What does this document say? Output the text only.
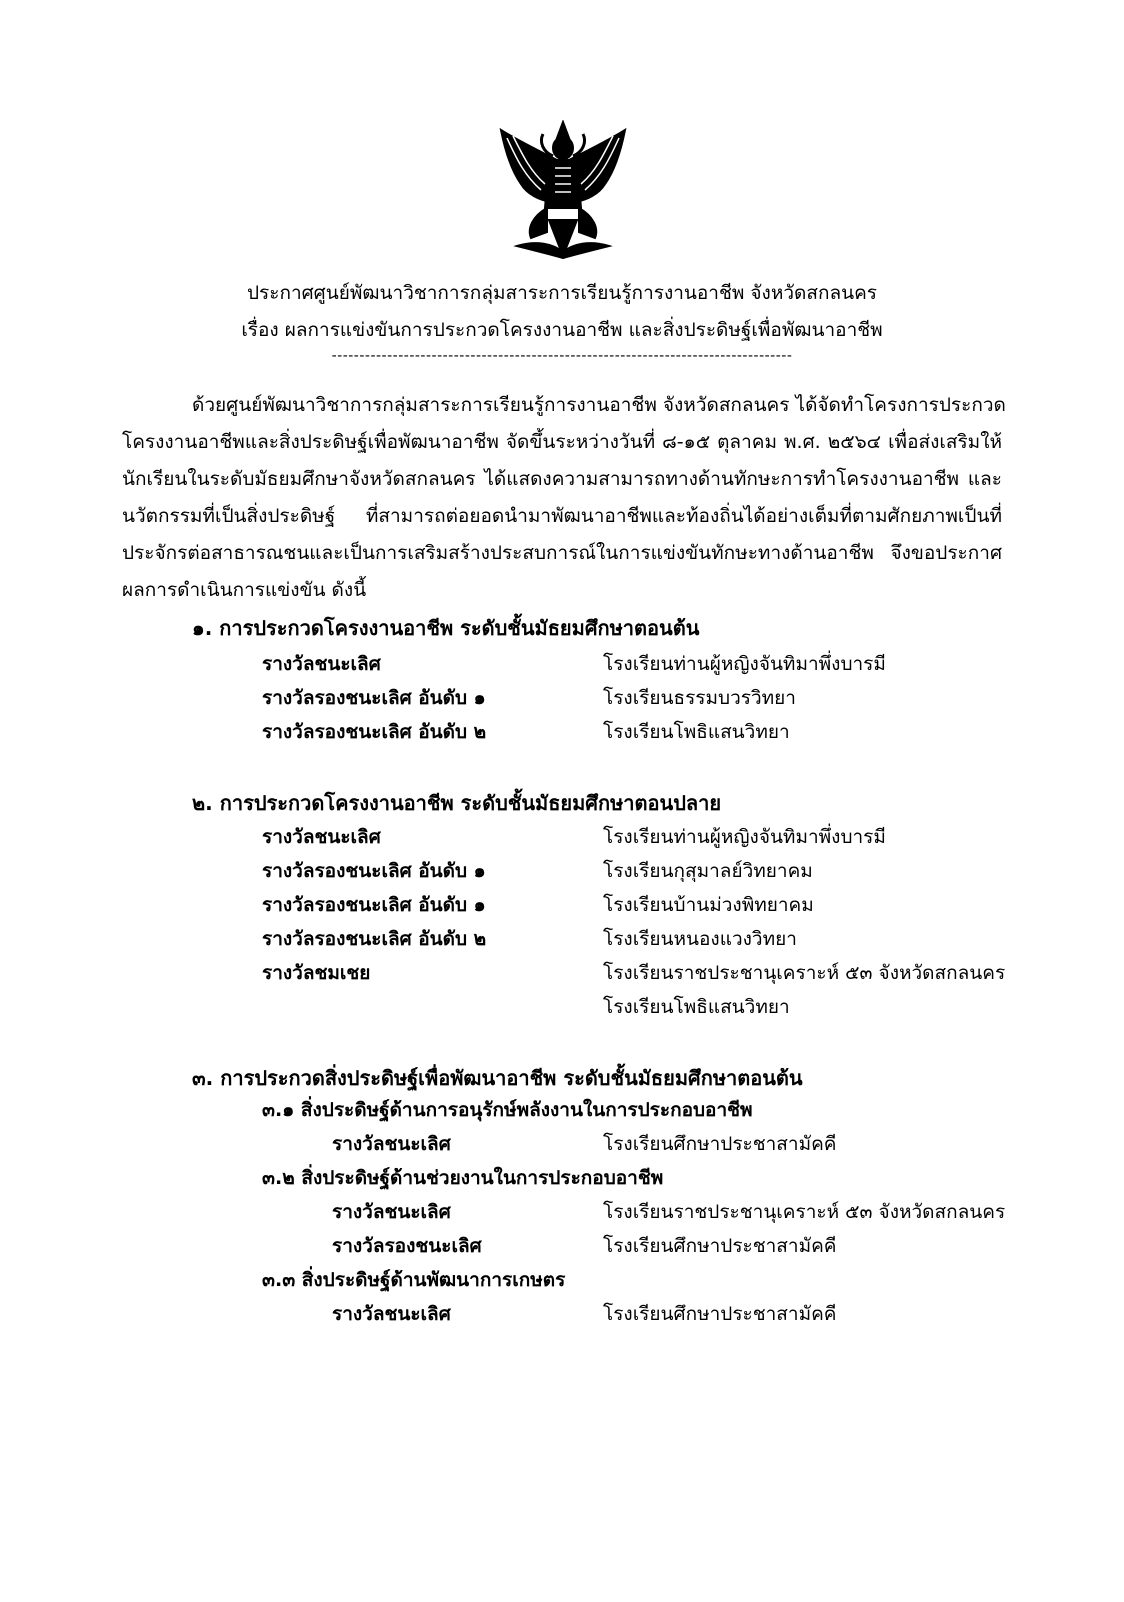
ประกาศศูนย์พัฒนาวิชาการกลุ่มสาระการเรียนรู้การงานอาชีพ จังหวัดสกลนคร
เรื่อง ผลการแข่งขันการประกวดโครงงานอาชีพ และสิ่งประดิษฐ์เพื่อพัฒนาอาชีพ
-----------------------------------------------------------------------------------
ด้วยศูนย์พัฒนาวิชาการกลุ่มสาระการเรียนรู้การงานอาชีพ จังหวัดสกลนคร ได้จัดทำโครงการประกวด
โครงงานอาชีพและสิ่งประดิษฐ์เพื่อพัฒนาอาชีพ จัดขึ้นระหว่างวันที่ ๘-๑๕ ตุลาคม พ.ศ. ๒๕๖๔ เพื่อส่งเสริมให้
นักเรียนในระดับมัธยมศึกษาจังหวัดสกลนคร ได้แสดงความสามารถทางด้านทักษะการทำโครงงานอาชีพ และ
นวัตกรรมที่เป็นสิ่งประดิษฐ์ ที่สามารถต่อยอดนำมาพัฒนาอาชีพและท้องถิ่นได้อย่างเต็มที่ตามศักยภาพเป็นที่
ประจักรต่อสาธารณชนและเป็นการเสริมสร้างประสบการณ์ในการแข่งขันทักษะทางด้านอาชีพ จึงขอประกาศ
ผลการดำเนินการแข่งขัน ดังนี้
๑. การประกวดโครงงานอาชีพ ระดับชั้นมัธยมศึกษาตอนต้น
รางวัลชนะเลิศ	โรงเรียนท่านผู้หญิงจันทิมาพึ่งบารมี
รางวัลรองชนะเลิศ อันดับ ๑	โรงเรียนธรรมบวรวิทยา
รางวัลรองชนะเลิศ อันดับ ๒	โรงเรียนโพธิแสนวิทยา
๒. การประกวดโครงงานอาชีพ ระดับชั้นมัธยมศึกษาตอนปลาย
รางวัลชนะเลิศ	โรงเรียนท่านผู้หญิงจันทิมาพึ่งบารมี
รางวัลรองชนะเลิศ อันดับ ๑	โรงเรียนกุสุมาลย์วิทยาคม
รางวัลรองชนะเลิศ อันดับ ๑	โรงเรียนบ้านม่วงพิทยาคม
รางวัลรองชนะเลิศ อันดับ ๒	โรงเรียนหนองแวงวิทยา
รางวัลชมเชย	โรงเรียนราชประชานุเคราะห์ ๕๓ จังหวัดสกลนคร
โรงเรียนโพธิแสนวิทยา
๓. การประกวดสิ่งประดิษฐ์เพื่อพัฒนาอาชีพ ระดับชั้นมัธยมศึกษาตอนต้น
๓.๑ สิ่งประดิษฐ์ด้านการอนุรักษ์พลังงานในการประกอบอาชีพ
รางวัลชนะเลิศ	โรงเรียนศึกษาประชาสามัคคี
๓.๒ สิ่งประดิษฐ์ด้านช่วยงานในการประกอบอาชีพ
รางวัลชนะเลิศ	โรงเรียนราชประชานุเคราะห์ ๕๓ จังหวัดสกลนคร
รางวัลรองชนะเลิศ	โรงเรียนศึกษาประชาสามัคคี
๓.๓ สิ่งประดิษฐ์ด้านพัฒนาการเกษตร
รางวัลชนะเลิศ	โรงเรียนศึกษาประชาสามัคคี
